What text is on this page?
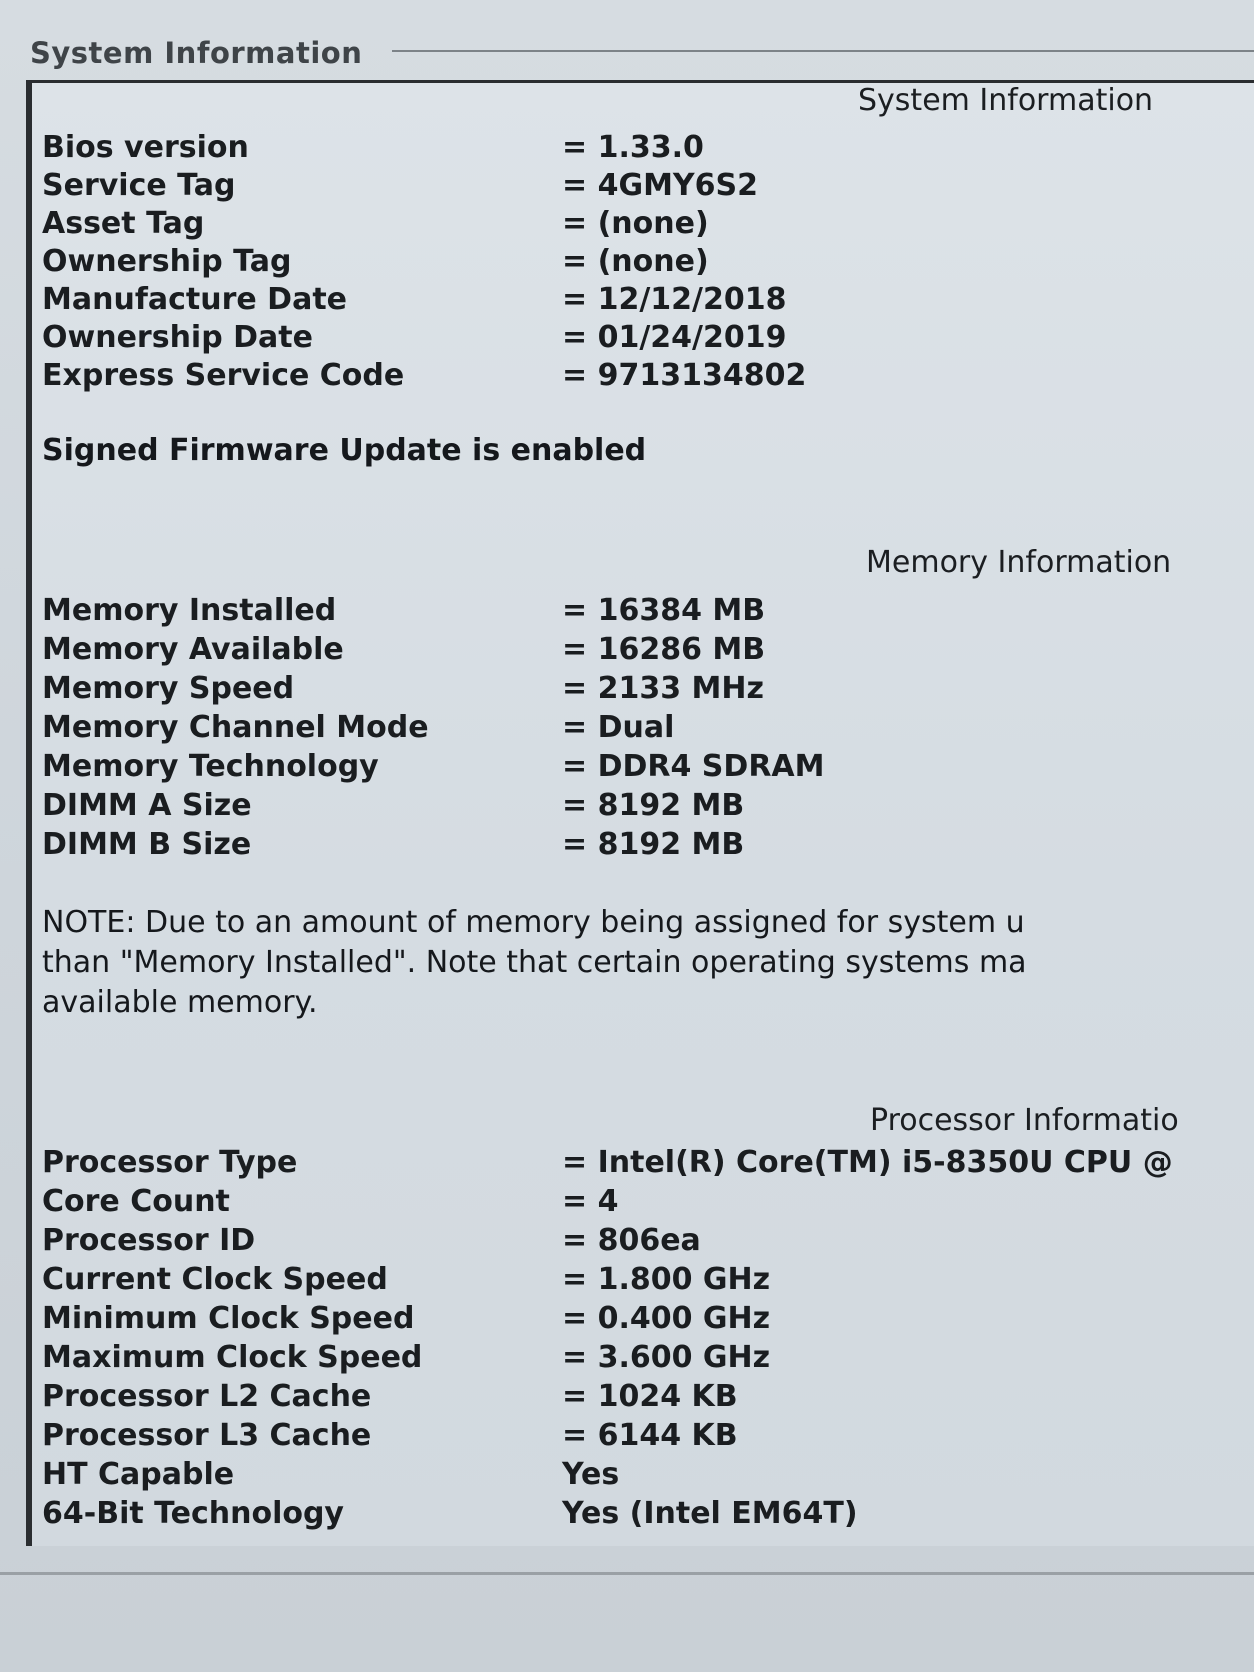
System Information
System Information
Bios version	= 1.33.0
Service Tag	= 4GMY6S2
Asset Tag	= (none)
Ownership Tag	= (none)
Manufacture Date	= 12/12/2018
Ownership Date	= 01/24/2019
Express Service Code	= 9713134802
Signed Firmware Update is enabled
Memory Information
Memory Installed	= 16384 MB
Memory Available	= 16286 MB
Memory Speed	= 2133 MHz
Memory Channel Mode	= Dual
Memory Technology	= DDR4 SDRAM
DIMM A Size	= 8192 MB
DIMM B Size	= 8192 MB
NOTE: Due to an amount of memory being assigned for system u
than "Memory Installed". Note that certain operating systems ma
available memory.
Processor Informatio
Processor Type	= Intel(R) Core(TM) i5-8350U CPU @
Core Count	= 4
Processor ID	= 806ea
Current Clock Speed	= 1.800 GHz
Minimum Clock Speed	= 0.400 GHz
Maximum Clock Speed	= 3.600 GHz
Processor L2 Cache	= 1024 KB
Processor L3 Cache	= 6144 KB
HT Capable	Yes
64-Bit Technology	Yes (Intel EM64T)
